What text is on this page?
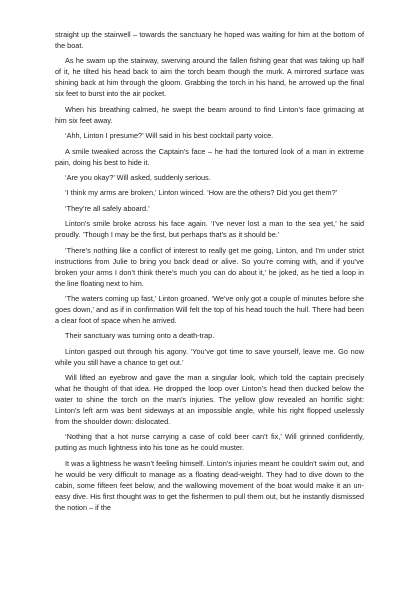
straight up the stairwell – towards the sanctuary he hoped was waiting for him at the bottom of the boat.

As he swam up the stairway, swerving around the fallen fishing gear that was taking up half of it, he tilted his head back to aim the torch beam though the murk. A mirrored surface was shining back at him through the gloom. Grabbing the torch in his hand, he arrowed up the final six feet to burst into the air pocket.

When his breathing calmed, he swept the beam around to find Linton’s face grimacing at him six feet away.

‘Ahh, Linton I presume?’ Will said in his best cocktail party voice.

A smile tweaked across the Captain’s face – he had the tortured look of a man in extreme pain, doing his best to hide it.

‘Are you okay?’ Will asked, suddenly serious.

‘I think my arms are broken,’ Linton winced. ‘How are the others? Did you get them?’

‘They’re all safely aboard.’

Linton’s smile broke across his face again. ‘I’ve never lost a man to the sea yet,’ he said proudly. ‘Though I may be the first, but perhaps that’s as it should be.’

‘There’s nothing like a conflict of interest to really get me going, Linton, and I’m under strict instructions from Julie to bring you back dead or alive. So you’re coming with, and if you’ve broken your arms I don’t think there’s much you can do about it,’ he joked, as he tied a loop in the line floating next to him.

‘The waters coming up fast,’ Linton groaned. ‘We’ve only got a couple of minutes before she goes down,’ and as if in confirmation Will felt the top of his head touch the hull. There had been a clear foot of space when he arrived.

Their sanctuary was turning onto a death-trap.

Linton gasped out through his agony. ‘You’ve got time to save yourself, leave me. Go now while you still have a chance to get out.’

Will lifted an eyebrow and gave the man a singular look, which told the captain precisely what he thought of that idea. He dropped the loop over Linton’s head then ducked below the water to shine the torch on the man’s injuries. The yellow glow revealed an horrific sight: Linton’s left arm was bent sideways at an impossible angle, while his right flopped uselessly from the shoulder down: dislocated.

‘Nothing that a hot nurse carrying a case of cold beer can’t fix,’ Will grinned confidently, putting as much lightness into his tone as he could muster.

It was a lightness he wasn’t feeling himself. Linton’s injuries meant he couldn’t swim out, and he would be very difficult to manage as a floating dead-weight. They had to dive down to the cabin, some fifteen feet below, and the wallowing movement of the boat would make it an un-easy dive. His first thought was to get the fishermen to pull them out, but he instantly dismissed the notion – if the
